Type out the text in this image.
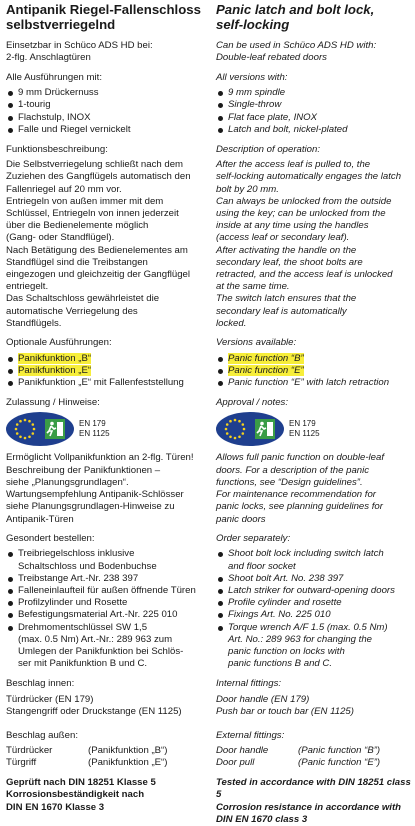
Antipanik Riegel-Fallenschloss
selbstverriegelnd
Einsetzbar in Schüco ADS HD bei:
2-flg. Anschlagtüren
Alle Ausführungen mit:
9 mm Drückernuss
1-tourig
Flachstulp, INOX
Falle und Riegel vernickelt
Funktionsbeschreibung:
Die Selbstverriegelung schließt nach dem
Zuziehen des Gangflügels automatisch den
Fallenriegel auf 20 mm vor.
Entriegeln von außen immer mit dem
Schlüssel, Entriegeln von innen jederzeit
über die Bedienelemente möglich
(Gang- oder Standflügel).
Nach Betätigung des Bedienelementes am
Standflügel sind die Treibstangen
eingezogen und gleichzeitig der Gangflügel
entriegelt.
Das Schaltschloss gewährleistet die
automatische Verriegelung des
Standflügels.
Optionale Ausführungen:
Panikfunktion „B“
Panikfunktion „E“
Panikfunktion „E“ mit Fallenfeststellung
Zulassung / Hinweise:
EN 179
EN 1125
Ermöglicht Vollpanikfunktion an 2-flg. Türen!
Beschreibung der Panikfunktionen –
siehe „Planungsgrundlagen“.
Wartungsempfehlung Antipanik-Schlösser
siehe Planungsgrundlagen-Hinweise zu
Antipanik-Türen
Gesondert bestellen:
Treibriegelschloss inklusive
Schaltschloss und Bodenbuchse
Treibstange Art.-Nr. 238 397
Falleneinlaufteil für außen öffnende Türen
Profilzylinder und Rosette
Befestigungsmaterial Art.-Nr. 225 010
Drehmomentschlüssel SW 1,5
(max. 0.5 Nm) Art.-Nr.: 289 963 zum
Umlegen der Panikfunktion bei Schlös-
ser mit Panikfunktion B und C.
Beschlag innen:
Türdrücker (EN 179)
Stangengriff oder Druckstange (EN 1125)
Beschlag außen:
Türdrücker	(Panikfunktion „B“)
Türgriff	(Panikfunktion „E“)

Geprüft nach DIN 18251 Klasse 5

Korrosionsbeständigkeit nach

DIN EN 1670 Klasse 3

Panic latch and bolt lock,
self-locking
Can be used in Schüco ADS HD with:
Double-leaf rebated doors
All versions with:
9 mm spindle
Single-throw
Flat face plate, INOX
Latch and bolt, nickel-plated
Description of operation:
After the access leaf is pulled to, the
self-locking automatically engages the latch
bolt by 20 mm.
Can always be unlocked from the outside
using the key; can be unlocked from the
inside at any time using the handles
(access leaf or secondary leaf).
After activating the handle on the
secondary leaf, the shoot bolts are
retracted, and the access leaf is unlocked
at the same time.
The switch latch ensures that the
secondary leaf is automatically
locked.
Versions available:
Panic function “B”
Panic function “E”
Panic function “E” with latch retraction
Approval / notes:
EN 179
EN 1125
Allows full panic function on double-leaf
doors. For a description of the panic
functions, see “Design guidelines”.
For maintenance recommendation for
panic locks, see planning guidelines for
panic doors
Order separately:
Shoot bolt lock including switch latch
and floor socket
Shoot bolt Art. No. 238 397
Latch striker for outward-opening doors
Profile cylinder and rosette
Fixings Art. No. 225 010
Torque wrench A/F 1.5 (max. 0.5 Nm)
Art. No.: 289 963 for changing the
panic function on locks with
panic functions B and C.
Internal fittings:
Door handle (EN 179)
Push bar or touch bar (EN 1125)
External fittings:
Door handle	(Panic function “B”)
Door pull	(Panic function “E”)

Tested in accordance with DIN 18251 class 5

Corrosion resistance in accordance with

DIN EN 1670 class 3
